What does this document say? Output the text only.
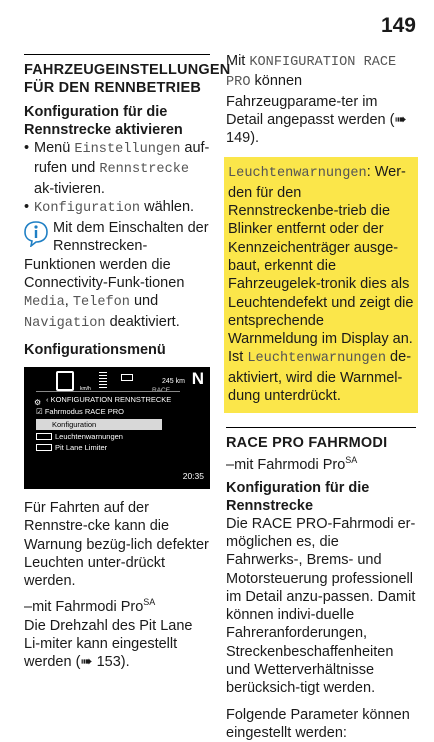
149
FAHRZEUGEINSTELLUNGEN FÜR DEN RENNBETRIEB
Konfiguration für die Rennstrecke aktivieren

• Menü Einstellungen auf-rufen und Rennstrecke ak-tivieren.

• Konfiguration wählen.

Mit dem Einschalten der Rennstrecken-Funktionen werden die Connectivity-Funk-tionen Media, Telefon und Navigation deaktiviert.

Konfigurationsmenü
km/h
245 km
RACE
N
⚙ ‹ KONFIGURATION RENNSTRECKE
☑ Fahrmodus RACE PRO
Konfiguration
Leuchtenwarnungen
Pit Lane Limiter
20:35

Für Fahrten auf der Rennstre-cke kann die Warnung bezüg-lich defekter Leuchten unter-drückt werden.

–mit Fahrmodi Pro$^{SA}$

Die Drehzahl des Pit Lane Li-miter kann eingestellt werden (➠ 153).

Mit KONFIGURATION RACE PRO können Fahrzeugparame-ter im Detail angepasst werden (➠ 149).

Leuchtenwarnungen: Wer-den für den Rennstreckenbe-trieb die Blinker entfernt oder der Kennzeichenträger ausge-baut, erkennt die Fahrzeugelek-tronik dies als Leuchtendefekt und zeigt die entsprechende Warnmeldung im Display an. Ist Leuchtenwarnungen de-aktiviert, wird die Warnmel-dung unterdrückt.
RACE PRO FAHRMODI

–mit Fahrmodi Pro$^{SA}$

Konfiguration für die Rennstrecke

Die RACE PRO-Fahrmodi er-möglichen es, die Fahrwerks-, Brems- und Motorsteuerung professionell im Detail anzu-passen. Damit können indivi-duelle Fahreranforderungen, Streckenbeschaffenheiten und Wetterverhältnisse berücksich-tigt werden.

Folgende Parameter können eingestellt werden:
